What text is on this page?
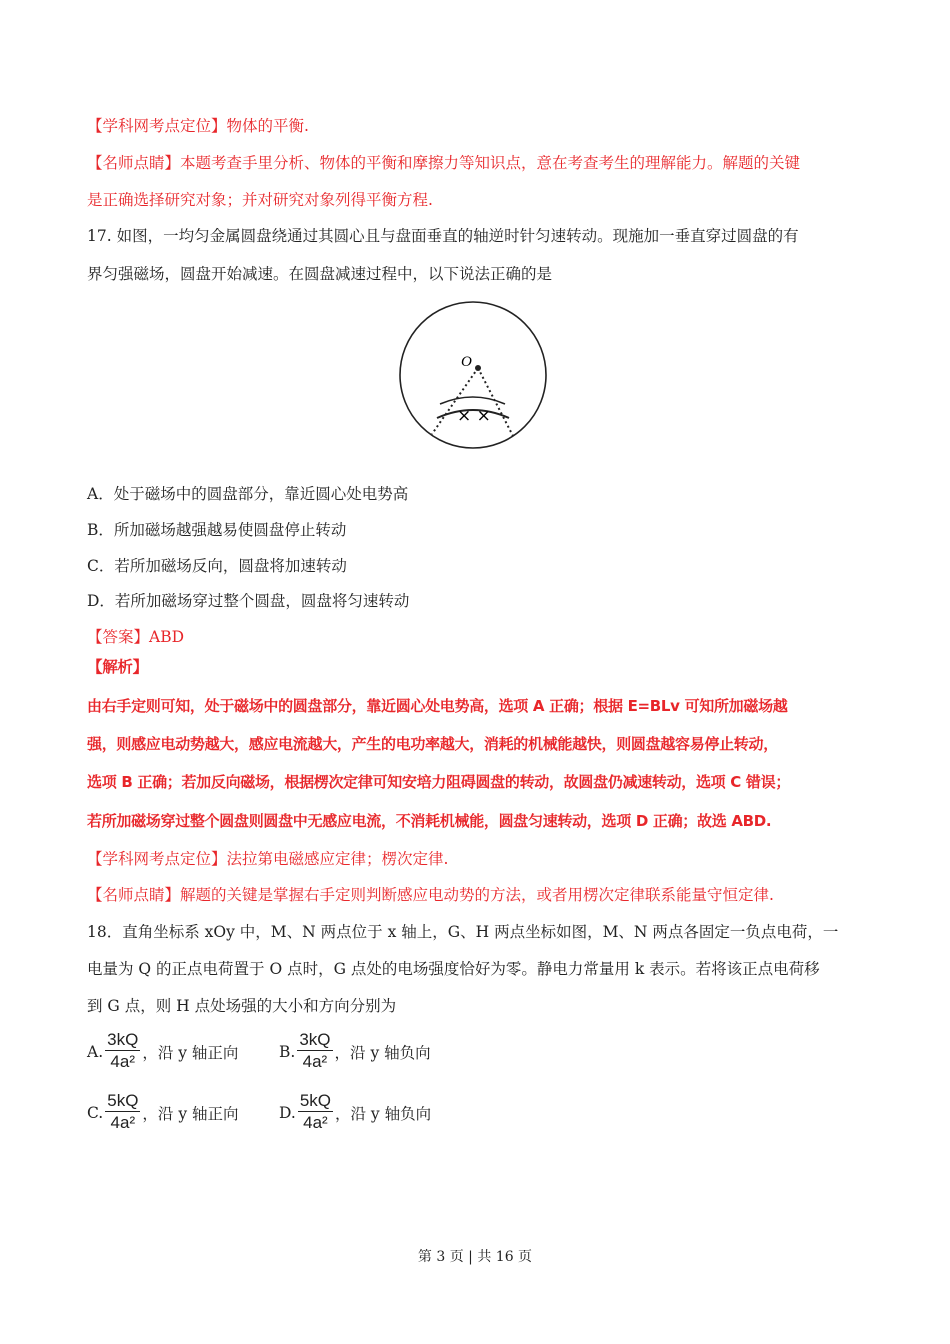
【学科网考点定位】物体的平衡.
【名师点睛】本题考查手里分析、物体的平衡和摩擦力等知识点，意在考查考生的理解能力。解题的关键
是正确选择研究对象；并对研究对象列得平衡方程.
17. 如图，一均匀金属圆盘绕通过其圆心且与盘面垂直的轴逆时针匀速转动。现施加一垂直穿过圆盘的有
界匀强磁场，圆盘开始减速。在圆盘减速过程中，以下说法正确的是
O
× ×
A．处于磁场中的圆盘部分，靠近圆心处电势高
B．所加磁场越强越易使圆盘停止转动
C．若所加磁场反向，圆盘将加速转动
D．若所加磁场穿过整个圆盘，圆盘将匀速转动
【答案】ABD
【解析】
由右手定则可知，处于磁场中的圆盘部分，靠近圆心处电势高，选项 A 正确；根据 E=BLv 可知所加磁场越
强，则感应电动势越大，感应电流越大，产生的电功率越大，消耗的机械能越快，则圆盘越容易停止转动，
选项 B 正确；若加反向磁场，根据楞次定律可知安培力阻碍圆盘的转动，故圆盘仍减速转动，选项 C 错误；
若所加磁场穿过整个圆盘则圆盘中无感应电流，不消耗机械能，圆盘匀速转动，选项 D 正确；故选 ABD.
【学科网考点定位】法拉第电磁感应定律；楞次定律.
【名师点睛】解题的关键是掌握右手定则判断感应电动势的方法，或者用楞次定律联系能量守恒定律.
18．直角坐标系 xOy 中，M、N 两点位于 x 轴上，G、H 两点坐标如图，M、N 两点各固定一负点电荷，一
电量为 Q 的正点电荷置于 O 点时，G 点处的电场强度恰好为零。静电力常量用 k 表示。若将该正点电荷移
到 G 点，则 H 点处场强的大小和方向分别为
A. $\frac{3kQ}{\text{4a²}}$ ，沿 y 轴正向	B. $\frac{3kQ}{\text{4a²}}$ ，沿 y 轴负向
C. $\frac{5kQ}{\text{4a²}}$ ，沿 y 轴正向	D. $\frac{5kQ}{\text{4a²}}$ ，沿 y 轴负向
第 3 页 | 共 16 页
